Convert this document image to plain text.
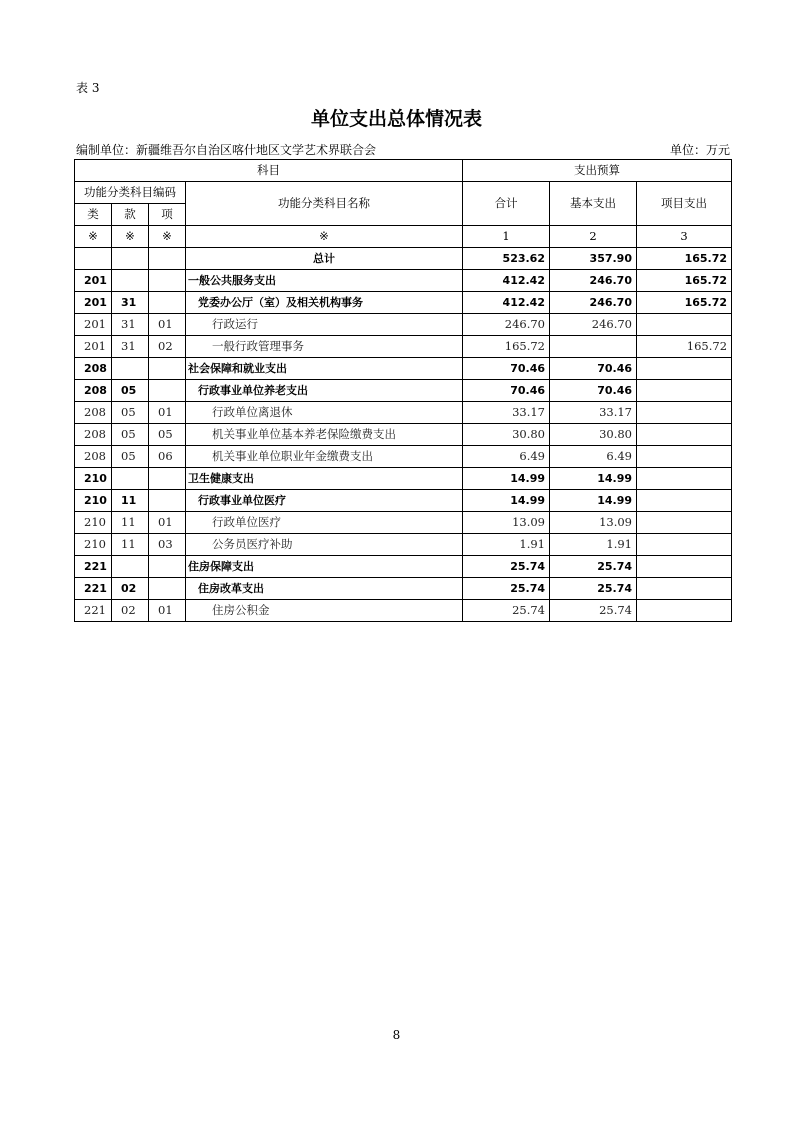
表 3
单位支出总体情况表
编制单位：新疆维吾尔自治区喀什地区文学艺术界联合会	单位：万元
科目				支出预算		
功能分类科目编码			功能分类科目名称	合计	基本支出	项目支出
类	款	项				
※	※	※	※	1	2	3
			总计	523.62	357.90	165.72
201			一般公共服务支出	412.42	246.70	165.72
201	31		党委办公厅（室）及相关机构事务	412.42	246.70	165.72
201	31	01	行政运行	246.70	246.70	
201	31	02	一般行政管理事务	165.72		165.72
208			社会保障和就业支出	70.46	70.46	
208	05		行政事业单位养老支出	70.46	70.46	
208	05	01	行政单位离退休	33.17	33.17	
208	05	05	机关事业单位基本养老保险缴费支出	30.80	30.80	
208	05	06	机关事业单位职业年金缴费支出	6.49	6.49	
210			卫生健康支出	14.99	14.99	
210	11		行政事业单位医疗	14.99	14.99	
210	11	01	行政单位医疗	13.09	13.09	
210	11	03	公务员医疗补助	1.91	1.91	
221			住房保障支出	25.74	25.74	
221	02		住房改革支出	25.74	25.74	
221	02	01	住房公积金	25.74	25.74	
8
